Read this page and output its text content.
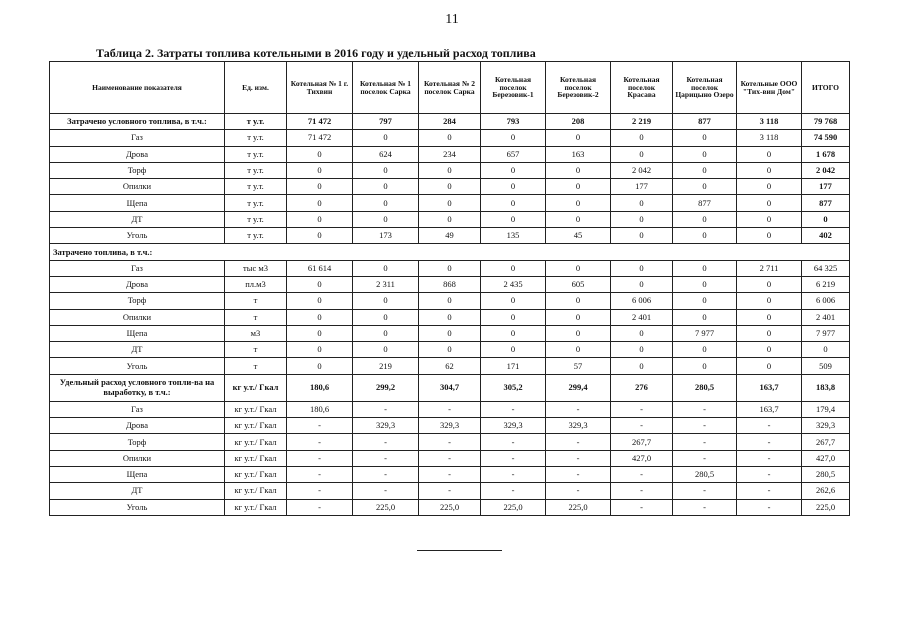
11
Таблица 2. Затраты топлива котельными в 2016 году и удельный расход топлива
Наименование показателя	Ед. изм.	Котельная № 1 г. Тихвин	Котельная № 1 поселок Сарка	Котельная № 2 поселок Сарка	Котельная поселок Березовик-1	Котельная поселок Березовик-2	Котельная поселок Красава	Котельная поселок Царицыно Озеро	Котельные ООО "Тих-вин Дом"	ИТОГО
Затрачено условного топлива, в т.ч.:	т у.т.	71 472	797	284	793	208	2 219	877	3 118	79 768
Газ	т у.т.	71 472	0	0	0	0	0	0	3 118	74 590
Дрова	т у.т.	0	624	234	657	163	0	0	0	1 678
Торф	т у.т.	0	0	0	0	0	2 042	0	0	2 042
Опилки	т у.т.	0	0	0	0	0	177	0	0	177
Щепа	т у.т.	0	0	0	0	0	0	877	0	877
ДТ	т у.т.	0	0	0	0	0	0	0	0	0
Уголь	т у.т.	0	173	49	135	45	0	0	0	402
Затрачено топлива, в т.ч.:										
Газ	тыс м3	61 614	0	0	0	0	0	0	2 711	64 325
Дрова	пл.м3	0	2 311	868	2 435	605	0	0	0	6 219
Торф	т	0	0	0	0	0	6 006	0	0	6 006
Опилки	т	0	0	0	0	0	2 401	0	0	2 401
Щепа	м3	0	0	0	0	0	0	7 977	0	7 977
ДТ	т	0	0	0	0	0	0	0	0	0
Уголь	т	0	219	62	171	57	0	0	0	509
Удельный расход условного топли-ва на выработку, в т.ч.:	кг у.т./ Гкал	180,6	299,2	304,7	305,2	299,4	276	280,5	163,7	183,8
Газ	кг у.т./ Гкал	180,6	-	-	-	-	-	-	163,7	179,4
Дрова	кг у.т./ Гкал	-	329,3	329,3	329,3	329,3	-	-	-	329,3
Торф	кг у.т./ Гкал	-	-	-	-	-	267,7	-	-	267,7
Опилки	кг у.т./ Гкал	-	-	-	-	-	427,0	-	-	427,0
Щепа	кг у.т./ Гкал	-	-	-	-	-	-	280,5	-	280,5
ДТ	кг у.т./ Гкал	-	-	-	-	-	-	-	-	262,6
Уголь	кг у.т./ Гкал	-	225,0	225,0	225,0	225,0	-	-	-	225,0
